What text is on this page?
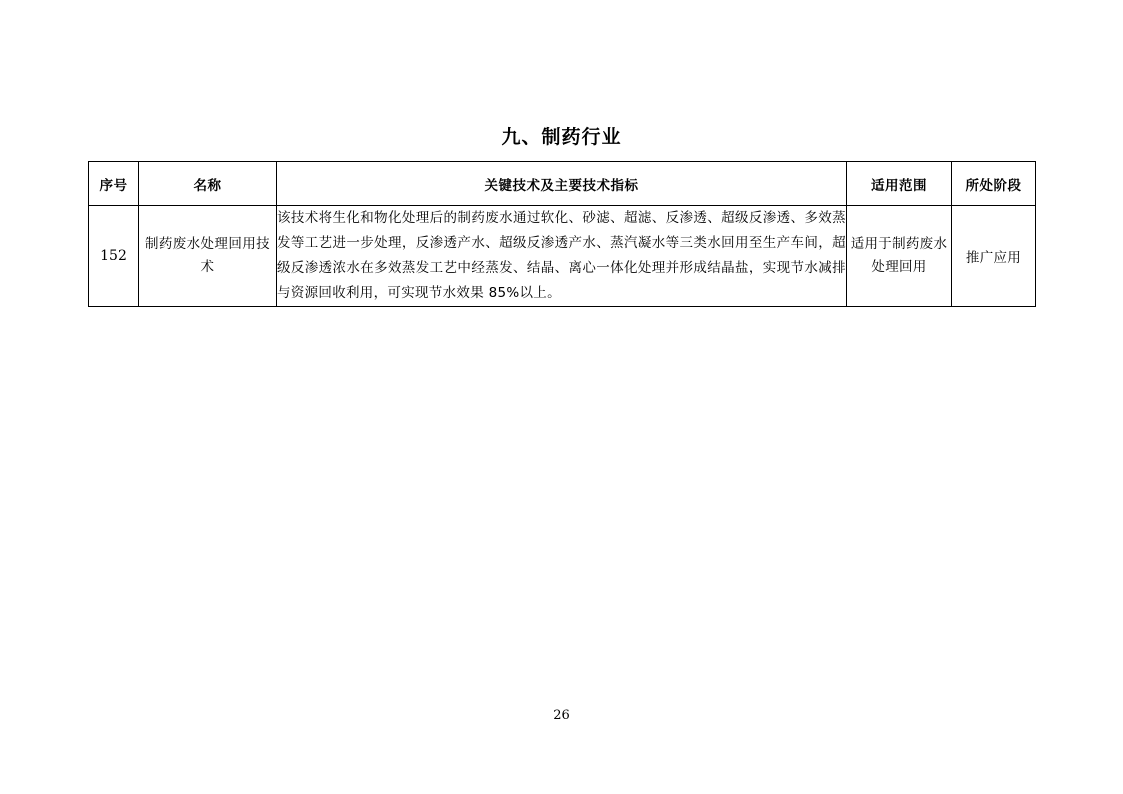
九、制药行业
序号	名称	关键技术及主要技术指标	适用范围	所处阶段
152	制药废水处理回用技术	该技术将生化和物化处理后的制药废水通过软化、砂滤、超滤、反渗透、超级反渗透、多效蒸发等工艺进一步处理，反渗透产水、超级反渗透产水、蒸汽凝水等三类水回用至生产车间，超级反渗透浓水在多效蒸发工艺中经蒸发、结晶、离心一体化处理并形成结晶盐，实现节水减排与资源回收利用，可实现节水效果 85%以上。	适用于制药废水处理回用	推广应用
26
